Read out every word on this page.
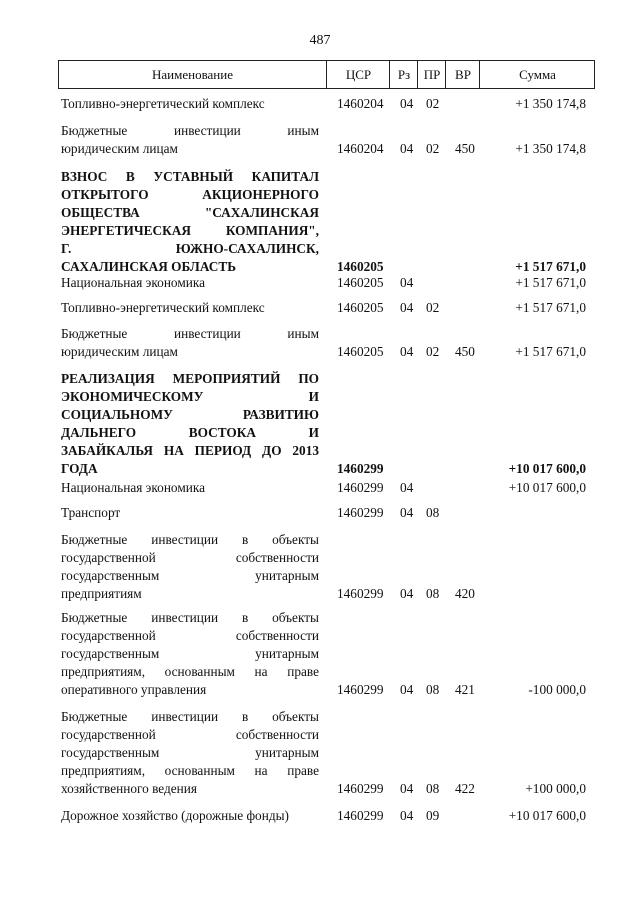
487
Наименование	ЦСР	Рз	ПР	ВР	Сумма
Топливно-энергетический комплекс	1460204 04 02	+1 350 174,8
Бюджетные инвестиции иным
юридическим лицам	1460204 04 02 450	+1 350 174,8
ВЗНОС В УСТАВНЫЙ КАПИТАЛ
ОТКРЫТОГО АКЦИОНЕРНОГО
ОБЩЕСТВА "САХАЛИНСКАЯ
ЭНЕРГЕТИЧЕСКАЯ КОМПАНИЯ",
Г. ЮЖНО-САХАЛИНСК,
САХАЛИНСКАЯ ОБЛАСТЬ	1460205	+1 517 671,0
Национальная экономика	1460205 04	+1 517 671,0
Топливно-энергетический комплекс	1460205 04 02	+1 517 671,0
Бюджетные инвестиции иным
юридическим лицам	1460205 04 02 450	+1 517 671,0
РЕАЛИЗАЦИЯ МЕРОПРИЯТИЙ ПО
ЭКОНОМИЧЕСКОМУ И
СОЦИАЛЬНОМУ РАЗВИТИЮ
ДАЛЬНЕГО ВОСТОКА И
ЗАБАЙКАЛЬЯ НА ПЕРИОД ДО 2013
ГОДА	1460299	+10 017 600,0
Национальная экономика	1460299 04	+10 017 600,0
Транспорт	1460299 04 08
Бюджетные инвестиции в объекты
государственной собственности
государственным унитарным
предприятиям	1460299 04 08 420
Бюджетные инвестиции в объекты
государственной собственности
государственным унитарным
предприятиям, основанным на праве
оперативного управления	1460299 04 08 421	-100 000,0
Бюджетные инвестиции в объекты
государственной собственности
государственным унитарным
предприятиям, основанным на праве
хозяйственного ведения	1460299 04 08 422	+100 000,0
Дорожное хозяйство (дорожные фонды)	1460299 04 09	+10 017 600,0
